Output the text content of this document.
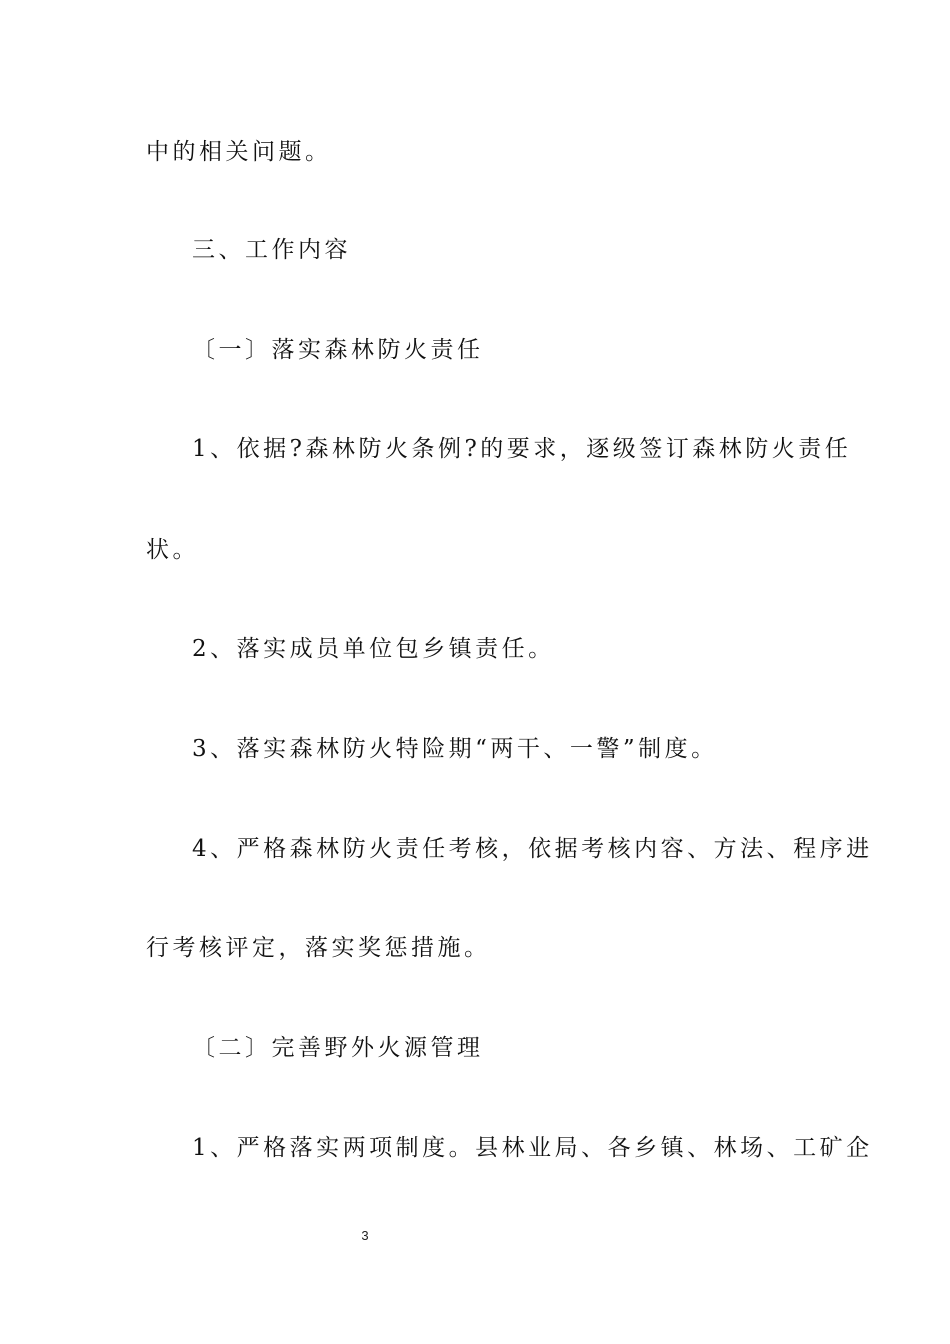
中的相关问题。
三、工作内容
〔一〕落实森林防火责任
1、依据?森林防火条例?的要求，逐级签订森林防火责任
状。
2、落实成员单位包乡镇责任。
3、落实森林防火特险期“两干、一警”制度。
4、严格森林防火责任考核，依据考核内容、方法、程序进
行考核评定，落实奖惩措施。
〔二〕完善野外火源管理
1、严格落实两项制度。县林业局、各乡镇、林场、工矿企
3
